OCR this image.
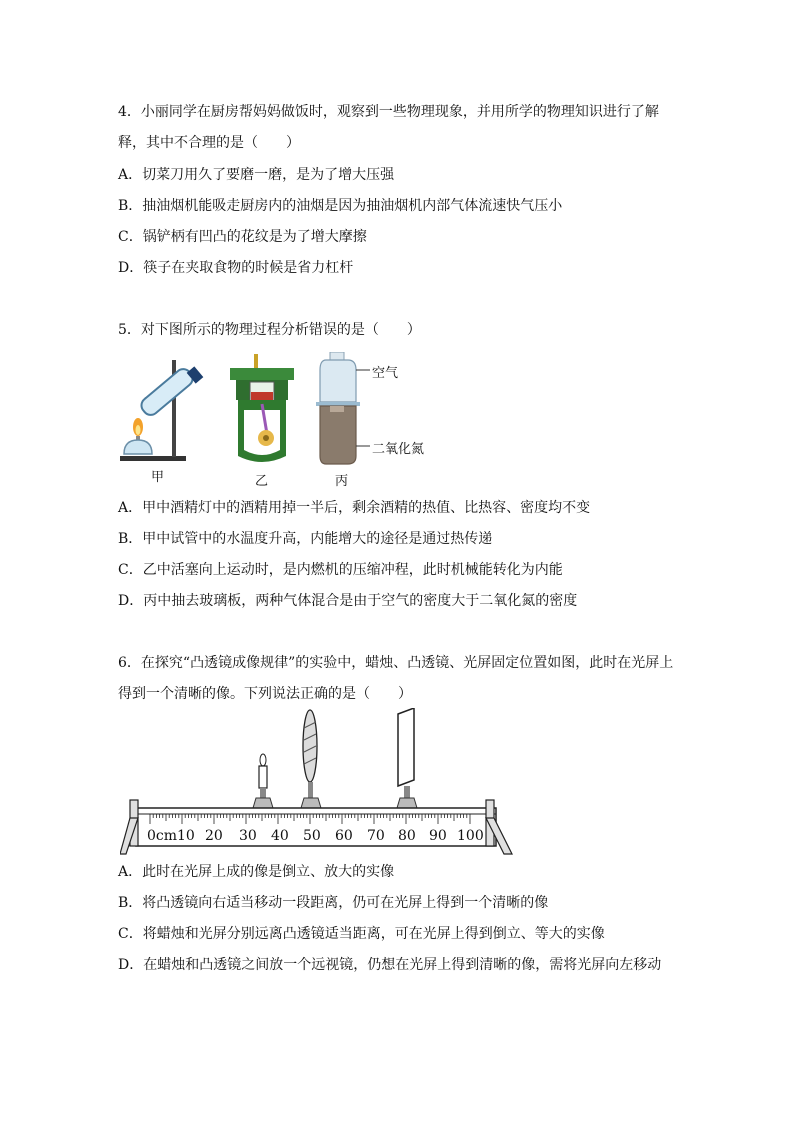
4．小丽同学在厨房帮妈妈做饭时，观察到一些物理现象，并用所学的物理知识进行了解
释，其中不合理的是（　　）
A．切菜刀用久了要磨一磨，是为了增大压强
B．抽油烟机能吸走厨房内的油烟是因为抽油烟机内部气体流速快气压小
C．锅铲柄有凹凸的花纹是为了增大摩擦
D．筷子在夹取食物的时候是省力杠杆
5．对下图所示的物理过程分析错误的是（　　）
甲	乙
空气
二氧化氮
丙
A．甲中酒精灯中的酒精用掉一半后，剩余酒精的热值、比热容、密度均不变
B．甲中试管中的水温度升高，内能增大的途径是通过热传递
C．乙中活塞向上运动时，是内燃机的压缩冲程，此时机械能转化为内能
D．丙中抽去玻璃板，两种气体混合是由于空气的密度大于二氧化氮的密度
6．在探究“凸透镜成像规律”的实验中，蜡烛、凸透镜、光屏固定位置如图，此时在光屏上
得到一个清晰的像。下列说法正确的是（　　）
0cm10 20 30 40 50 60 70 80 90 100
A．此时在光屏上成的像是倒立、放大的实像
B．将凸透镜向右适当移动一段距离，仍可在光屏上得到一个清晰的像
C．将蜡烛和光屏分别远离凸透镜适当距离，可在光屏上得到倒立、等大的实像
D．在蜡烛和凸透镜之间放一个远视镜，仍想在光屏上得到清晰的像，需将光屏向左移动
